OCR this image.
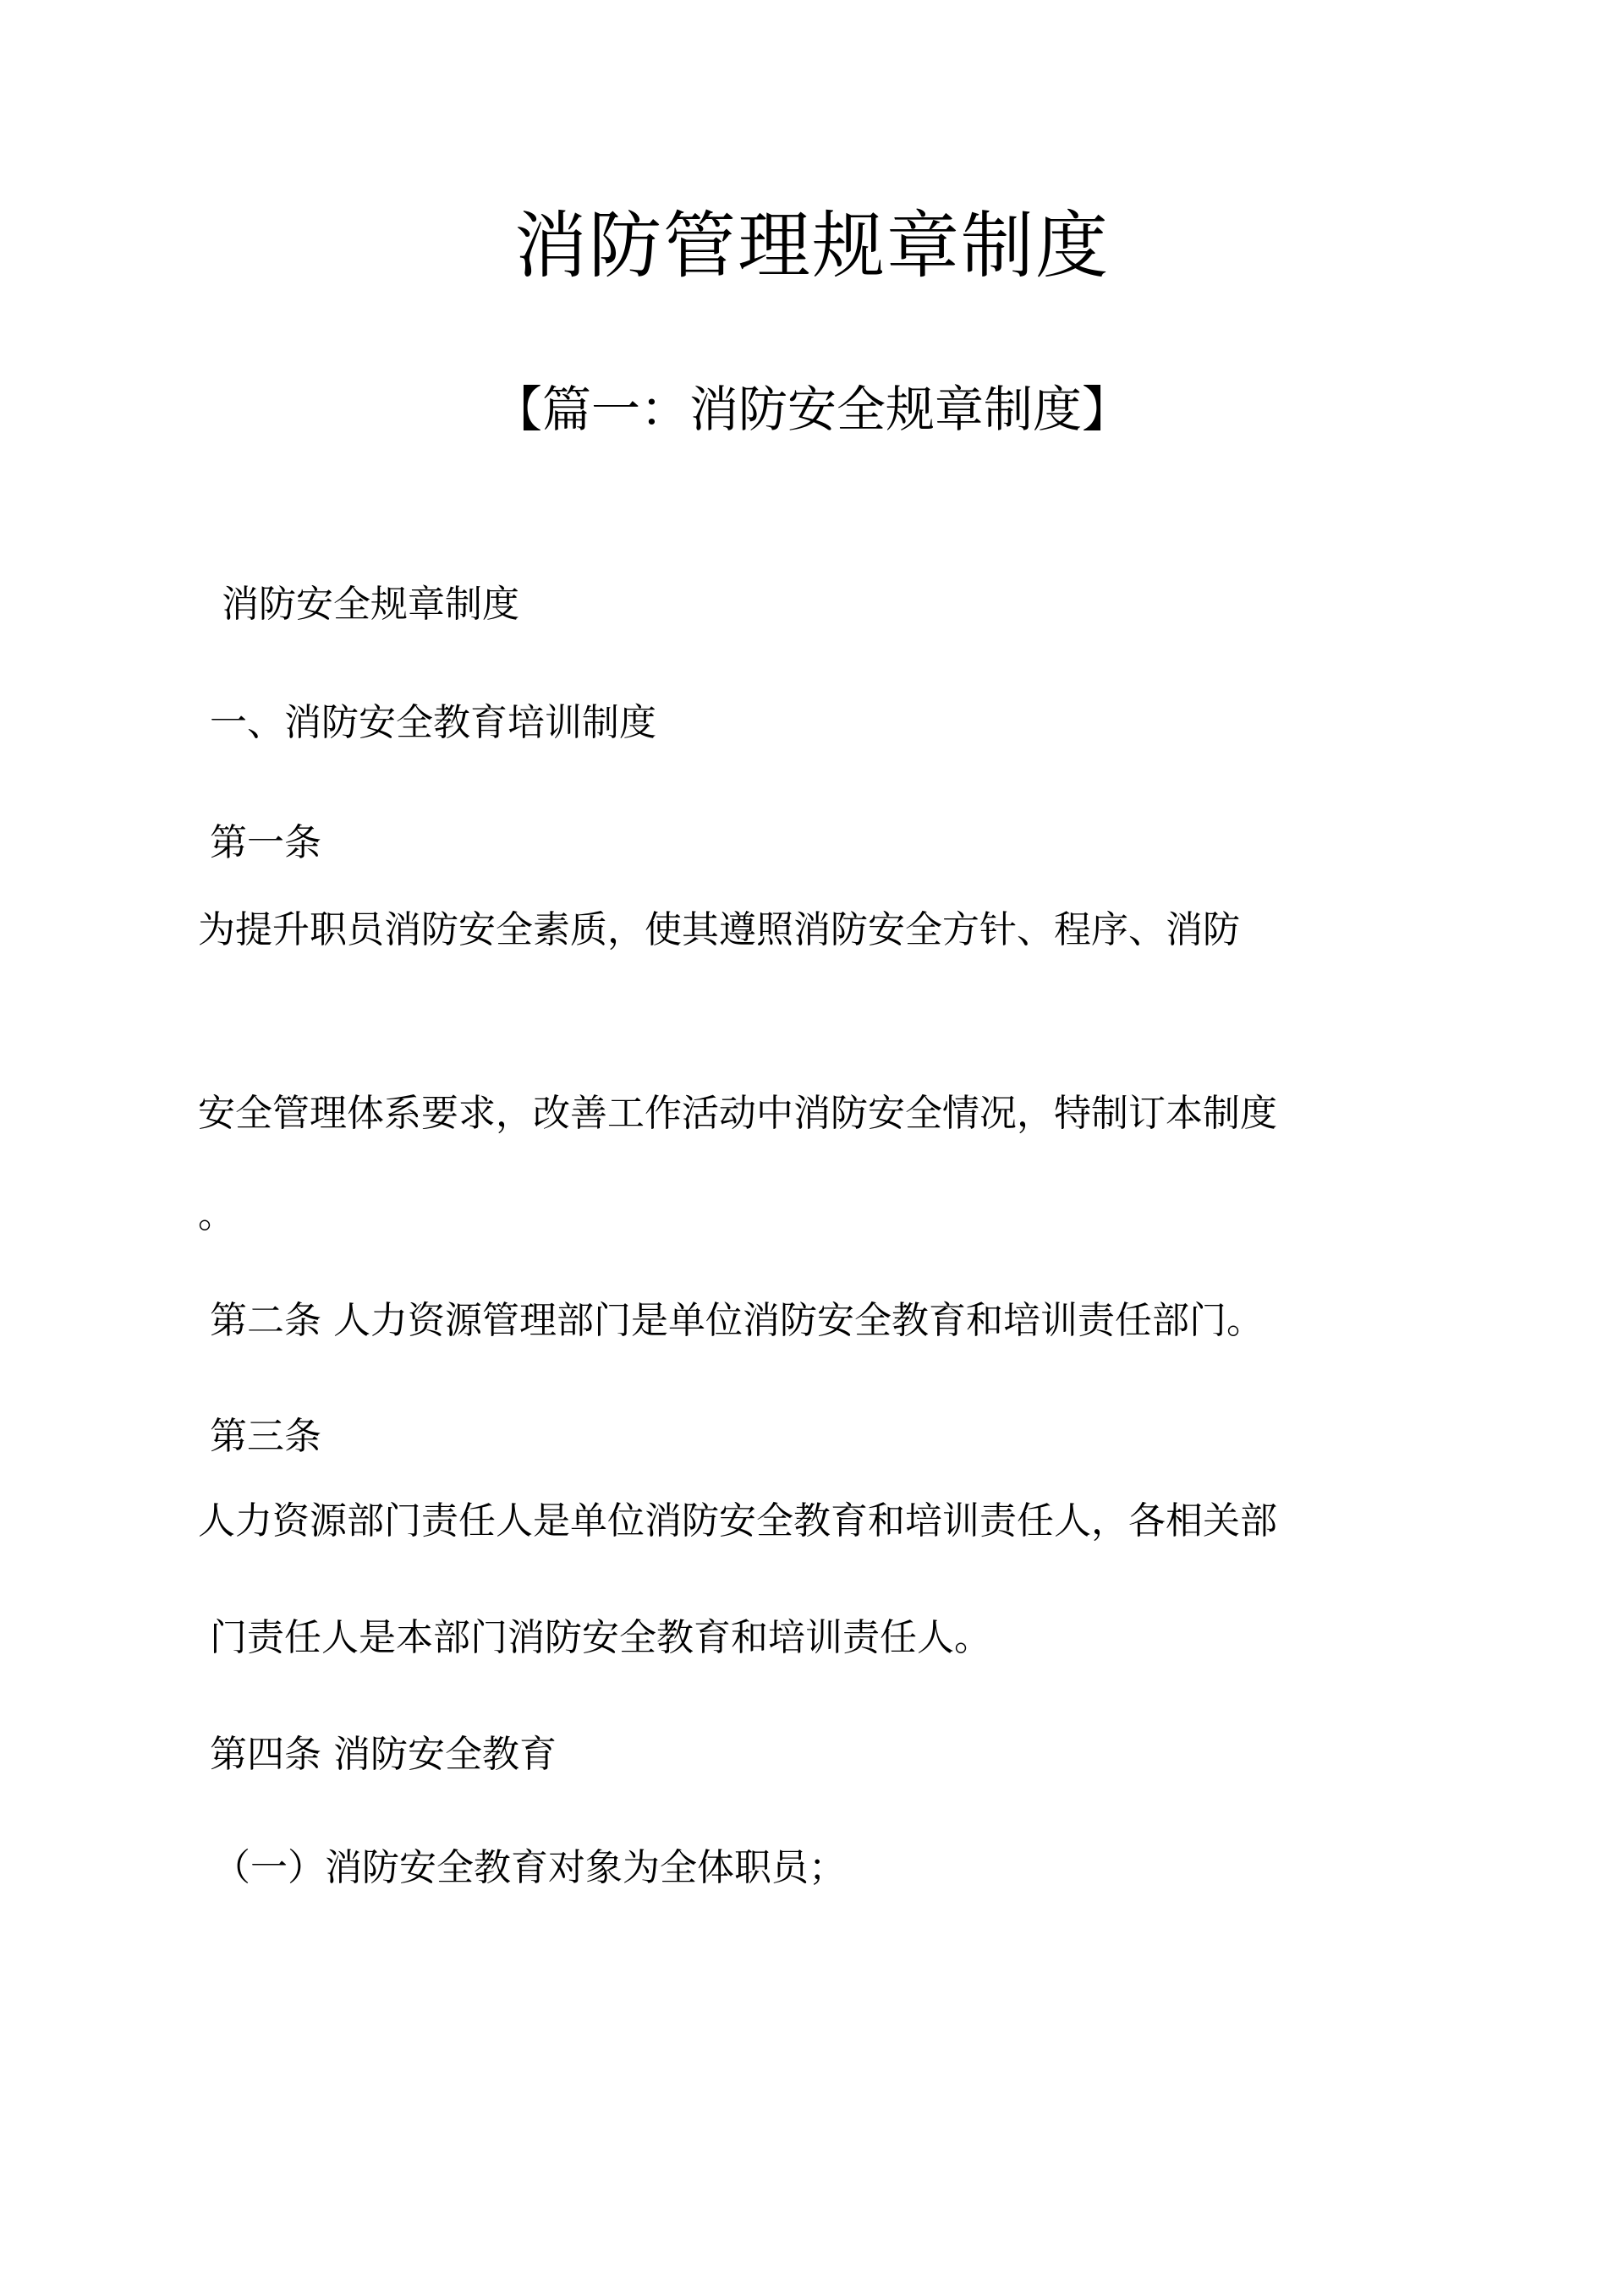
消防管理规章制度
【篇一：消防安全规章制度】
消防安全规章制度
一、消防安全教育培训制度
第一条
为提升职员消防安全素质，使其遵照消防安全方针、程序、消防
安全管理体系要求，改善工作活动中消防安全情况，特制订本制度
。
第二条 人力资源管理部门是单位消防安全教育和培训责任部门。
第三条
人力资源部门责任人是单位消防安全教育和培训责任人，各相关部
门责任人是本部门消防安全教育和培训责任人。
第四条 消防安全教育
（一）消防安全教育对象为全体职员；
